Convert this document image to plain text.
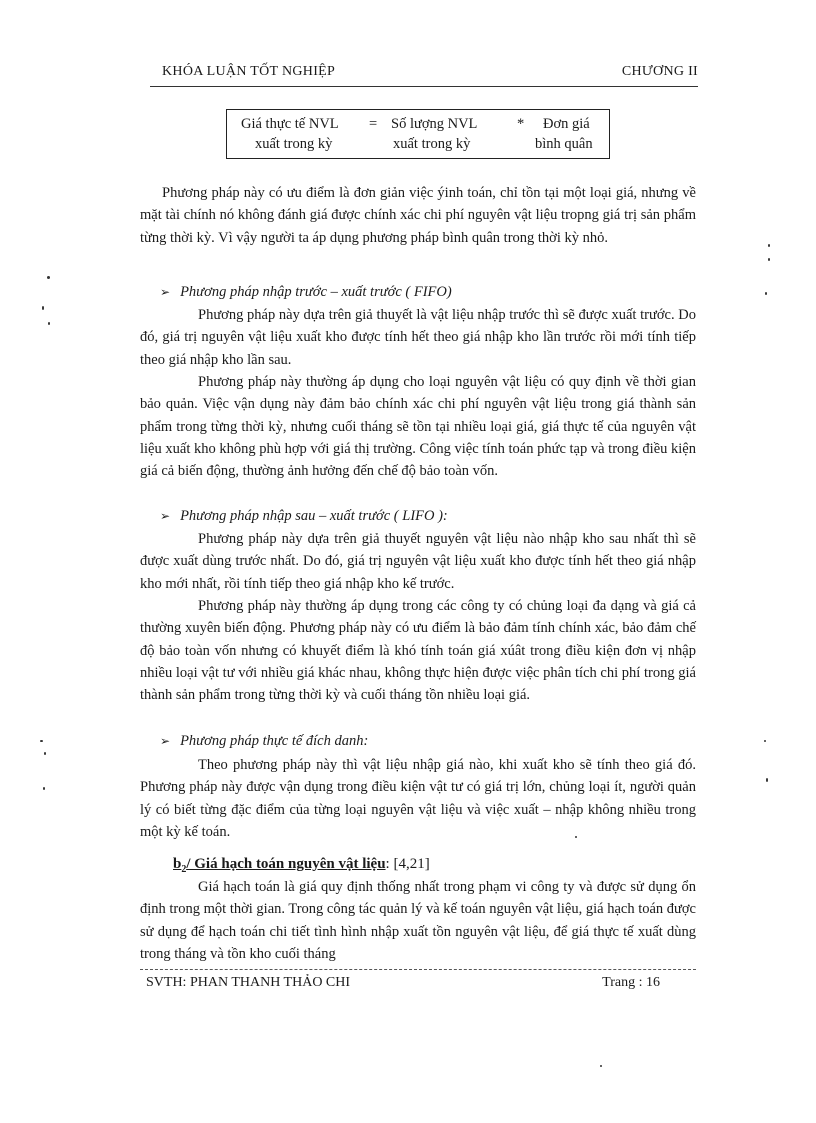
KHÓA LUẬN TỐT NGHIỆP	CHƯƠNG II
Giá thực tế NVL
xuất trong kỳ
= Số lượng NVL
xuất trong kỳ
* Đơn giá
bình quân
Phương pháp này có ưu điểm là đơn giản việc ýinh toán, chỉ tồn tại một loại giá, nhưng về mặt tài chính nó không đánh giá được chính xác chi phí nguyên vật liệu tropng giá trị sản phẩm từng thời kỳ. Vì vậy người ta áp dụng phương pháp bình quân trong thời kỳ nhỏ.
➢ Phương pháp nhập trước – xuất trước ( FIFO)
Phương pháp này dựa trên giả thuyết là vật liệu nhập trước thì sẽ được xuất trước. Do đó, giá trị nguyên vật liệu xuất kho được tính hết theo giá nhập kho lần trước rồi mới tính tiếp theo giá nhập kho lần sau.
Phương pháp này thường áp dụng cho loại nguyên vật liệu có quy định về thời gian bảo quản. Việc vận dụng này đảm bảo chính xác chi phí nguyên vật liệu trong giá thành sản phẩm trong từng thời kỳ, nhưng cuối tháng sẽ tồn tại nhiều loại giá, giá thực tế của nguyên vật liệu xuất kho không phù hợp với giá thị trường. Công việc tính toán phức tạp và trong điều kiện giá cả biến động, thường ảnh hưởng đến chế độ bảo toàn vốn.
➢ Phương pháp nhập sau – xuất trước ( LIFO ):
Phương pháp này dựa trên giả thuyết nguyên vật liệu nào nhập kho sau nhất thì sẽ được xuất dùng trước nhất. Do đó, giá trị nguyên vật liệu xuất kho được tính hết theo giá nhập kho mới nhất, rồi tính tiếp theo giá nhập kho kế trước.
Phương pháp này thường áp dụng trong các công ty có chủng loại đa dạng và giá cả thường xuyên biến động. Phương pháp này có ưu điểm là bảo đảm tính chính xác, bảo đảm chế độ bảo toàn vốn nhưng có khuyết điểm là khó tính toán giá xúât trong điều kiện đơn vị nhập nhiều loại vật tư với nhiều giá khác nhau, không thực hiện được việc phân tích chi phí trong giá thành sản phẩm trong từng thời kỳ và cuối tháng tồn nhiều loại giá.
➢ Phương pháp thực tế đích danh:
Theo phương pháp này thì vật liệu nhập giá nào, khi xuất kho sẽ tính theo giá đó. Phương pháp này được vận dụng trong điều kiện vật tư có giá trị lớn, chủng loại ít, người quản lý có biết từng đặc điểm của từng loại nguyên vật liệu và việc xuất – nhập không nhiều trong một kỳ kế toán.
$b_2/$ Giá hạch toán nguyên vật liệu: [4,21]
Giá hạch toán là giá quy định thống nhất trong phạm vi công ty và được sử dụng ổn định trong một thời gian. Trong công tác quản lý và kế toán nguyên vật liệu, giá hạch toán được sử dụng để hạch toán chi tiết tình hình nhập xuất tồn nguyên vật liệu, để giá thực tế xuất dùng trong tháng và tồn kho cuối tháng
SVTH: PHAN THANH THẢO CHI	Trang : 16
